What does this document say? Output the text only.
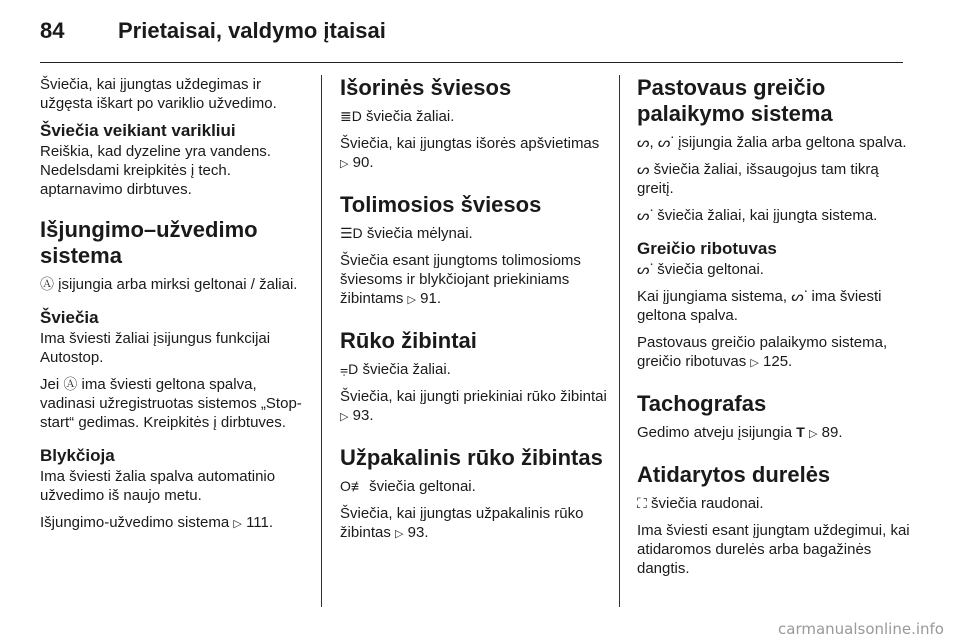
84 Prietaisai, valdymo įtaisai

Šviečia, kai įjungtas uždegimas ir užgęsta iškart po variklio užvedimo.

Šviečia veikiant varikliui

Reiškia, kad dyzeline yra vandens. Nedelsdami kreipkitės į tech. aptarnavimo dirbtuves.

Išjungimo–užvedimo sistema

Ⓐ įsijungia arba mirksi geltonai / žaliai.

Šviečia

Ima šviesti žaliai įsijungus funkcijai Autostop.

Jei Ⓐ ima šviesti geltona spalva, vadinasi užregistruotas sistemos „Stop-start“ gedimas. Kreipkitės į dirbtuves.

Blykčioja

Ima šviesti žalia spalva automatinio užvedimo iš naujo metu.

Išjungimo-užvedimo sistema ▷ 111.

Išorinės šviesos

≣D šviečia žaliai.

Šviečia, kai įjungtas išorės apšvietimas ▷ 90.

Tolimosios šviesos

☰D šviečia mėlynai.

Šviečia esant įjungtoms tolimosioms šviesoms ir blykčiojant priekiniams žibintams ▷ 91.

Rūko žibintai

⩦D šviečia žaliai.

Šviečia, kai įjungti priekiniai rūko žibintai ▷ 93.

Užpakalinis rūko žibintas

O≢ šviečia geltonai.

Šviečia, kai įjungtas užpakalinis rūko žibintas ▷ 93.

Pastovaus greičio palaikymo sistema

ᔕ, ᔕᐝ įsijungia žalia arba geltona spalva.

ᔕ šviečia žaliai, išsaugojus tam tikrą greitį.

ᔕᐝ šviečia žaliai, kai įjungta sistema.

Greičio ribotuvas

ᔕᐝ šviečia geltonai.

Kai įjungiama sistema, ᔕᐝ ima šviesti geltona spalva.

Pastovaus greičio palaikymo sistema, greičio ribotuvas ▷ 125.

Tachografas

Gedimo atveju įsijungia T ▷ 89.

Atidarytos durelės

⛶ šviečia raudonai.

Ima šviesti esant įjungtam uždegimui, kai atidaromos durelės arba bagažinės dangtis.

carmanualsonline.info
